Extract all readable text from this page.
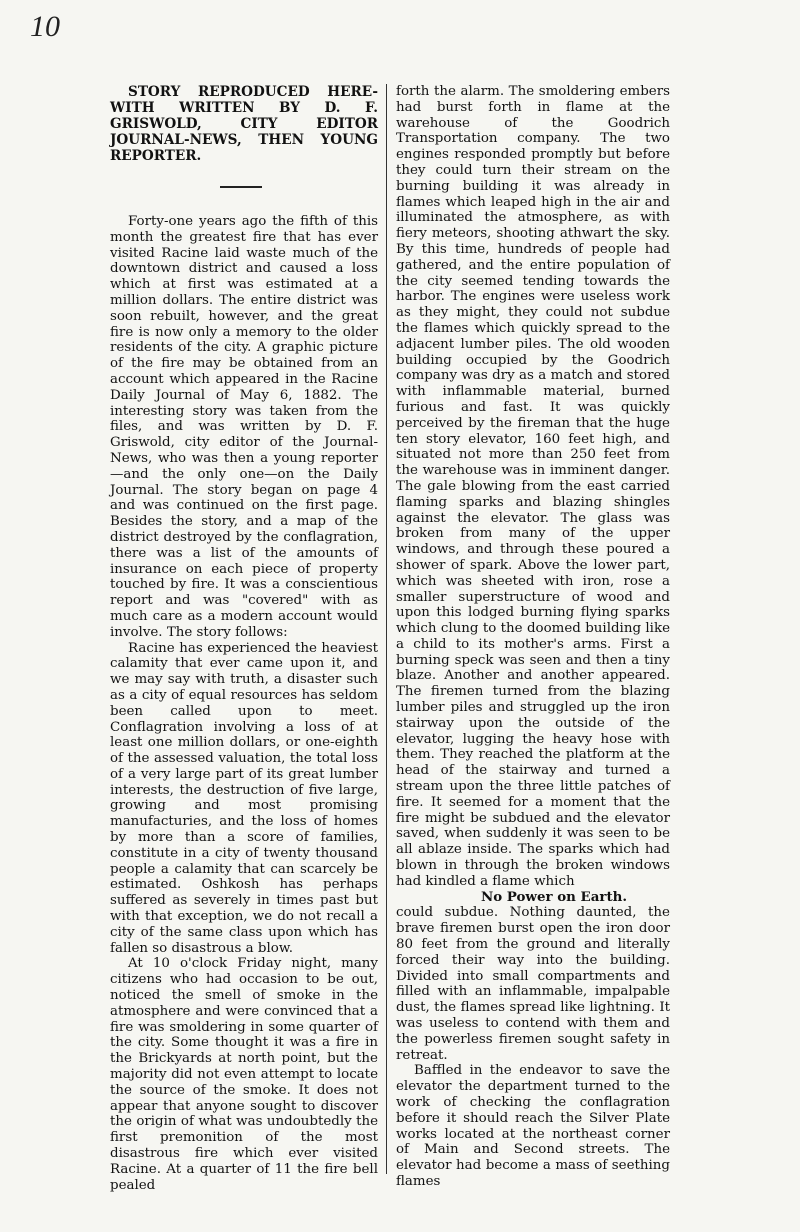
10

STORY REPRODUCED HERE-WITH WRITTEN BY D. F. GRISWOLD, CITY EDITOR JOURNAL-NEWS, THEN YOUNG REPORTER.

Forty-one years ago the fifth of this month the greatest fire that has ever visited Racine laid waste much of the downtown district and caused a loss which at first was estimated at a million dollars. The entire district was soon rebuilt, however, and the great fire is now only a memory to the older residents of the city. A graphic picture of the fire may be obtained from an account which appeared in the Racine Daily Journal of May 6, 1882. The interesting story was taken from the files, and was written by D. F. Griswold, city editor of the Journal-News, who was then a young reporter—and the only one—on the Daily Journal. The story began on page 4 and was continued on the first page. Besides the story, and a map of the district destroyed by the conflagration, there was a list of the amounts of insurance on each piece of property touched by fire. It was a conscientious report and was "covered" with as much care as a modern account would involve. The story follows:

Racine has experienced the heaviest calamity that ever came upon it, and we may say with truth, a disaster such as a city of equal resources has seldom been called upon to meet. Conflagration involving a loss of at least one million dollars, or one-eighth of the assessed valuation, the total loss of a very large part of its great lumber interests, the destruction of five large, growing and most promising manufacturies, and the loss of homes by more than a score of families, constitute in a city of twenty thousand people a calamity that can scarcely be estimated. Oshkosh has perhaps suffered as severely in times past but with that exception, we do not recall a city of the same class upon which has fallen so disastrous a blow.

At 10 o'clock Friday night, many citizens who had occasion to be out, noticed the smell of smoke in the atmosphere and were convinced that a fire was smoldering in some quarter of the city. Some thought it was a fire in the Brickyards at north point, but the majority did not even attempt to locate the source of the smoke. It does not appear that anyone sought to discover the origin of what was undoubtedly the first premonition of the most disastrous fire which ever visited Racine. At a quarter of 11 the fire bell pealed

forth the alarm. The smoldering embers had burst forth in flame at the warehouse of the Goodrich Transportation company. The two engines responded promptly but before they could turn their stream on the burning building it was already in flames which leaped high in the air and illuminated the atmosphere, as with fiery meteors, shooting athwart the sky. By this time, hundreds of people had gathered, and the entire population of the city seemed tending towards the harbor. The engines were useless work as they might, they could not subdue the flames which quickly spread to the adjacent lumber piles. The old wooden building occupied by the Goodrich company was dry as a match and stored with inflammable material, burned furious and fast. It was quickly perceived by the fireman that the huge ten story elevator, 160 feet high, and situated not more than 250 feet from the warehouse was in imminent danger. The gale blowing from the east carried flaming sparks and blazing shingles against the elevator. The glass was broken from many of the upper windows, and through these poured a shower of spark. Above the lower part, which was sheeted with iron, rose a smaller superstructure of wood and upon this lodged burning flying sparks which clung to the doomed building like a child to its mother's arms. First a burning speck was seen and then a tiny blaze. Another and another appeared. The firemen turned from the blazing lumber piles and struggled up the iron stairway upon the outside of the elevator, lugging the heavy hose with them. They reached the platform at the head of the stairway and turned a stream upon the three little patches of fire. It seemed for a moment that the fire might be subdued and the elevator saved, when suddenly it was seen to be all ablaze inside. The sparks which had blown in through the broken windows had kindled a flame which

No Power on Earth.

could subdue. Nothing daunted, the brave firemen burst open the iron door 80 feet from the ground and literally forced their way into the building. Divided into small compartments and filled with an inflammable, impalpable dust, the flames spread like lightning. It was useless to contend with them and the powerless firemen sought safety in retreat.

Baffled in the endeavor to save the elevator the department turned to the work of checking the conflagration before it should reach the Silver Plate works located at the northeast corner of Main and Second streets. The elevator had become a mass of seething flames
